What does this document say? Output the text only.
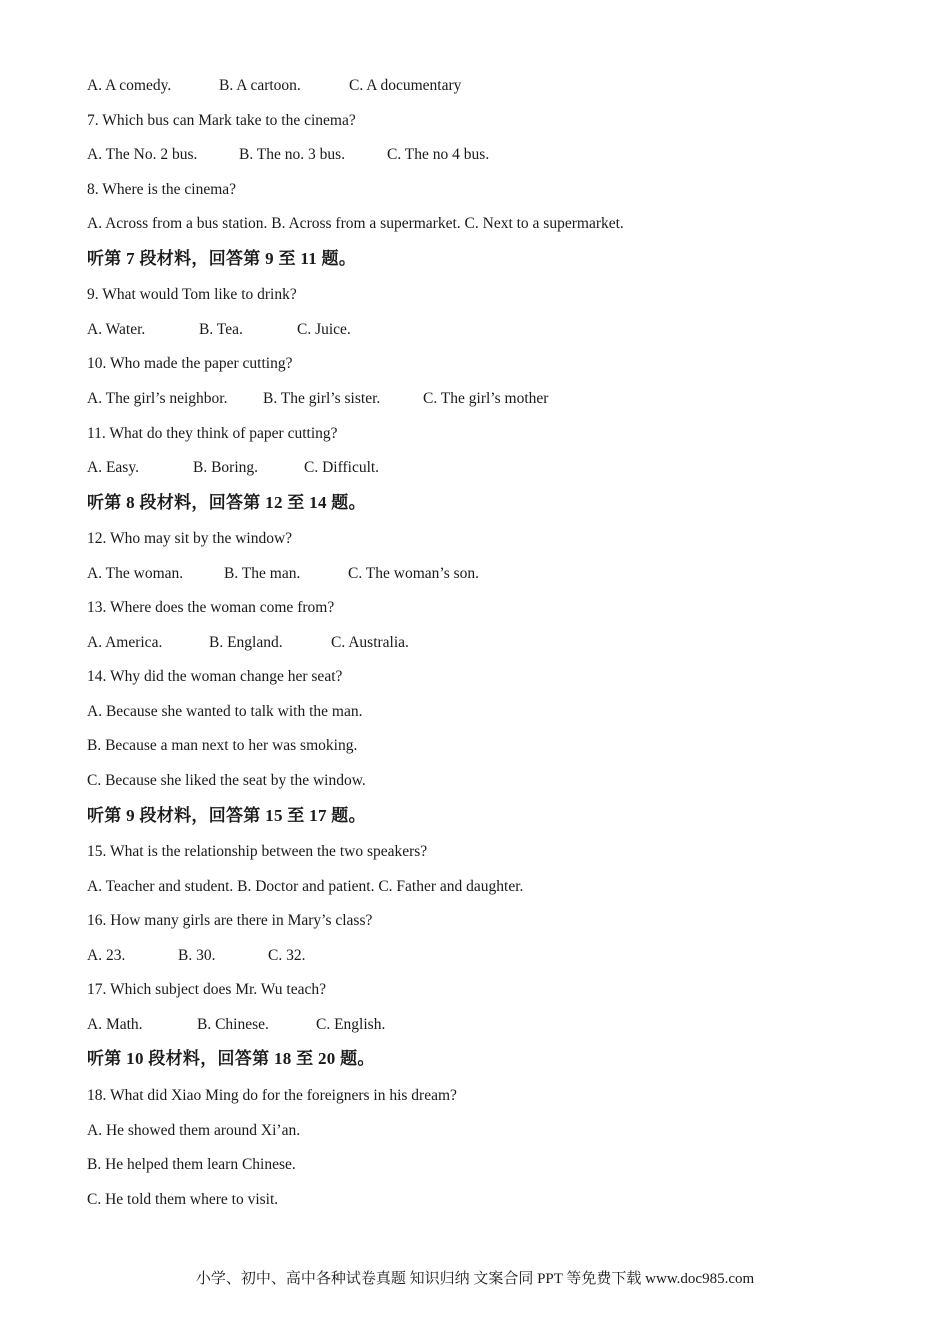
A. A comedy.	B. A cartoon.	C. A documentary
7. Which bus can Mark take to the cinema?
A. The No. 2 bus.	B. The no. 3 bus.	C. The no 4 bus.
8. Where is the cinema?
A. Across from a bus station. B. Across from a supermarket. C. Next to a supermarket.
听第 7 段材料，回答第 9 至 11 题。
9. What would Tom like to drink?
A. Water.	B. Tea.	C. Juice.
10. Who made the paper cutting?
A. The girl’s neighbor. B. The girl’s sister.	C. The girl’s mother
11. What do they think of paper cutting?
A. Easy.	B. Boring.	C. Difficult.
听第 8 段材料，回答第 12 至 14 题。
12. Who may sit by the window?
A. The woman.	B. The man.	C. The woman’s son.
13. Where does the woman come from?
A. America.	B. England.	C. Australia.
14. Why did the woman change her seat?
A. Because she wanted to talk with the man.
B. Because a man next to her was smoking.
C. Because she liked the seat by the window.
听第 9 段材料，回答第 15 至 17 题。
15. What is the relationship between the two speakers?
A. Teacher and student. B. Doctor and patient. C. Father and daughter.
16. How many girls are there in Mary’s class?
A. 23.	B. 30.	C. 32.
17. Which subject does Mr. Wu teach?
A. Math.	B. Chinese.	C. English.
听第 10 段材料，回答第 18 至 20 题。
18. What did Xiao Ming do for the foreigners in his dream?
A. He showed them around Xi’an.
B. He helped them learn Chinese.
C. He told them where to visit.
小学、初中、高中各种试卷真题 知识归纳 文案合同 PPT 等免费下载 www.doc985.com
